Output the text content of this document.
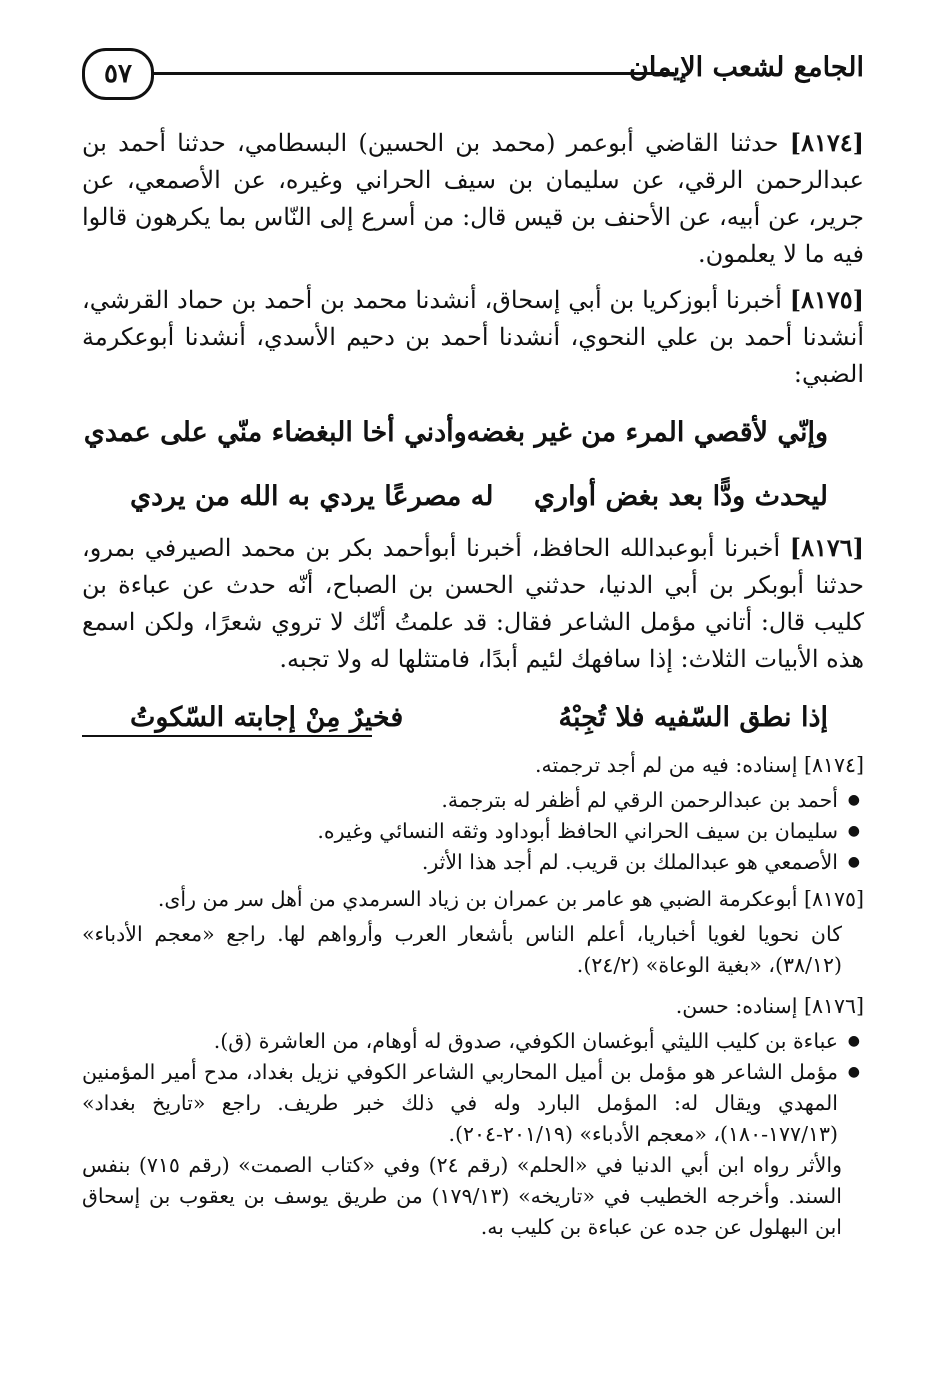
٥٧	الجامع لشعب الإيمان

[٨١٧٤] حدثنا القاضي أبوعمر (محمد بن الحسين) البسطامي، حدثنا أحمد بن عبدالرحمن الرقي، عن سليمان بن سيف الحراني وغيره، عن الأصمعي، عن جرير، عن أبيه، عن الأحنف بن قيس قال: من أسرع إلى النّاس بما يكرهون قالوا فيه ما لا يعلمون.

[٨١٧٥] أخبرنا أبوزكريا بن أبي إسحاق، أنشدنا محمد بن أحمد بن حماد القرشي، أنشدنا أحمد بن علي النحوي، أنشدنا أحمد بن دحيم الأسدي، أنشدنا أبوعكرمة الضبي:

وإنّي لأقصي المرء من غير بغضه
وأدني أخا البغضاء منّي على عمدي
ليحدث ودًّا بعد بغض أواري
له مصرعًا يردي به الله من يردي

[٨١٧٦] أخبرنا أبوعبدالله الحافظ، أخبرنا أبوأحمد بكر بن محمد الصيرفي بمرو، حدثنا أبوبكر بن أبي الدنيا، حدثني الحسن بن الصباح، أنّه حدث عن عباءة بن كليب قال: أتاني مؤمل الشاعر فقال: قد علمتُ أنّك لا تروي شعرًا، ولكن اسمع هذه الأبيات الثلاث: إذا سافهك لئيم أبدًا، فامتثلها له ولا تجبه.

إذا نطق السّفيه فلا تُجِبْهُ
فخيرٌ مِنْ إجابته السّكوتُ

[٨١٧٤] إسناده: فيه من لم أجد ترجمته.

● أحمد بن عبدالرحمن الرقي لم أظفر له بترجمة.

● سليمان بن سيف الحراني الحافظ أبوداود وثقه النسائي وغيره.

● الأصمعي هو عبدالملك بن قريب. لم أجد هذا الأثر.

[٨١٧٥] أبوعكرمة الضبي هو عامر بن عمران بن زياد السرمدي من أهل سر من رأى.

كان نحويا لغويا أخباريا، أعلم الناس بأشعار العرب وأرواهم لها. راجع «معجم الأدباء» (٣٨/١٢)، «بغية الوعاة» (٢٤/٢).

[٨١٧٦] إسناده: حسن.

● عباءة بن كليب الليثي أبوغسان الكوفي، صدوق له أوهام، من العاشرة (ق).

● مؤمل الشاعر هو مؤمل بن أميل المحاربي الشاعر الكوفي نزيل بغداد، مدح أمير المؤمنين المهدي ويقال له: المؤمل البارد وله في ذلك خبر طريف. راجع «تاريخ بغداد» (١٧٧/١٣-١٨٠)، «معجم الأدباء» (٢٠١/١٩-٢٠٤).

والأثر رواه ابن أبي الدنيا في «الحلم» (رقم ٢٤) وفي «كتاب الصمت» (رقم ٧١٥) بنفس السند. وأخرجه الخطيب في «تاريخه» (١٧٩/١٣) من طريق يوسف بن يعقوب بن إسحاق ابن البهلول عن جده عن عباءة بن كليب به.
